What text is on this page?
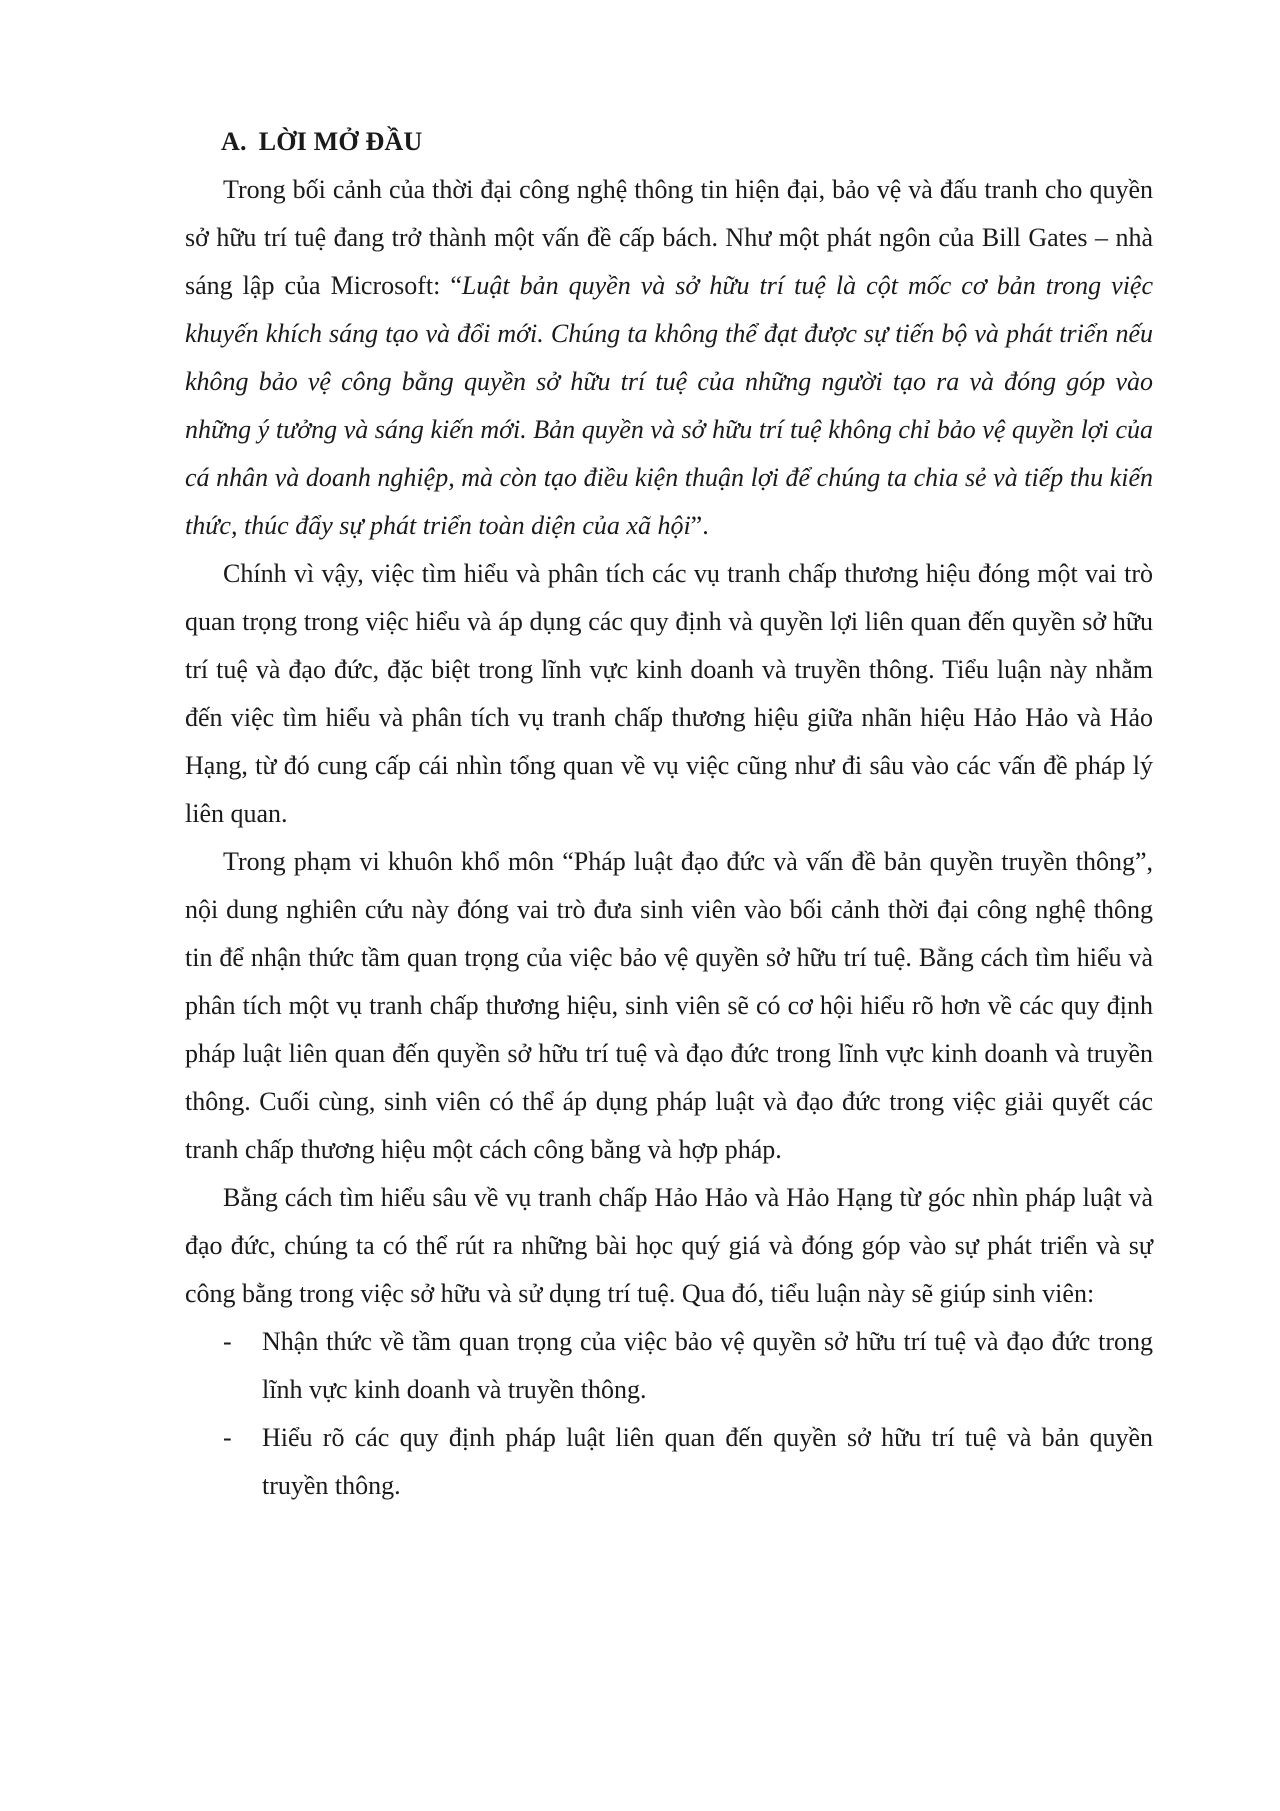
A. LỜI MỞ ĐẦU

Trong bối cảnh của thời đại công nghệ thông tin hiện đại, bảo vệ và đấu tranh cho quyền sở hữu trí tuệ đang trở thành một vấn đề cấp bách. Như một phát ngôn của Bill Gates – nhà sáng lập của Microsoft: “Luật bản quyền và sở hữu trí tuệ là cột mốc cơ bản trong việc khuyến khích sáng tạo và đổi mới. Chúng ta không thể đạt được sự tiến bộ và phát triển nếu không bảo vệ công bằng quyền sở hữu trí tuệ của những người tạo ra và đóng góp vào những ý tưởng và sáng kiến mới. Bản quyền và sở hữu trí tuệ không chỉ bảo vệ quyền lợi của cá nhân và doanh nghiệp, mà còn tạo điều kiện thuận lợi để chúng ta chia sẻ và tiếp thu kiến thức, thúc đẩy sự phát triển toàn diện của xã hội”.

Chính vì vậy, việc tìm hiểu và phân tích các vụ tranh chấp thương hiệu đóng một vai trò quan trọng trong việc hiểu và áp dụng các quy định và quyền lợi liên quan đến quyền sở hữu trí tuệ và đạo đức, đặc biệt trong lĩnh vực kinh doanh và truyền thông. Tiểu luận này nhằm đến việc tìm hiểu và phân tích vụ tranh chấp thương hiệu giữa nhãn hiệu Hảo Hảo và Hảo Hạng, từ đó cung cấp cái nhìn tổng quan về vụ việc cũng như đi sâu vào các vấn đề pháp lý liên quan.

Trong phạm vi khuôn khổ môn “Pháp luật đạo đức và vấn đề bản quyền truyền thông”, nội dung nghiên cứu này đóng vai trò đưa sinh viên vào bối cảnh thời đại công nghệ thông tin để nhận thức tầm quan trọng của việc bảo vệ quyền sở hữu trí tuệ. Bằng cách tìm hiểu và phân tích một vụ tranh chấp thương hiệu, sinh viên sẽ có cơ hội hiểu rõ hơn về các quy định pháp luật liên quan đến quyền sở hữu trí tuệ và đạo đức trong lĩnh vực kinh doanh và truyền thông. Cuối cùng, sinh viên có thể áp dụng pháp luật và đạo đức trong việc giải quyết các tranh chấp thương hiệu một cách công bằng và hợp pháp.

Bằng cách tìm hiểu sâu về vụ tranh chấp Hảo Hảo và Hảo Hạng từ góc nhìn pháp luật và đạo đức, chúng ta có thể rút ra những bài học quý giá và đóng góp vào sự phát triển và sự công bằng trong việc sở hữu và sử dụng trí tuệ. Qua đó, tiểu luận này sẽ giúp sinh viên:

- Nhận thức về tầm quan trọng của việc bảo vệ quyền sở hữu trí tuệ và đạo đức trong lĩnh vực kinh doanh và truyền thông.
- Hiểu rõ các quy định pháp luật liên quan đến quyền sở hữu trí tuệ và bản quyền truyền thông.
